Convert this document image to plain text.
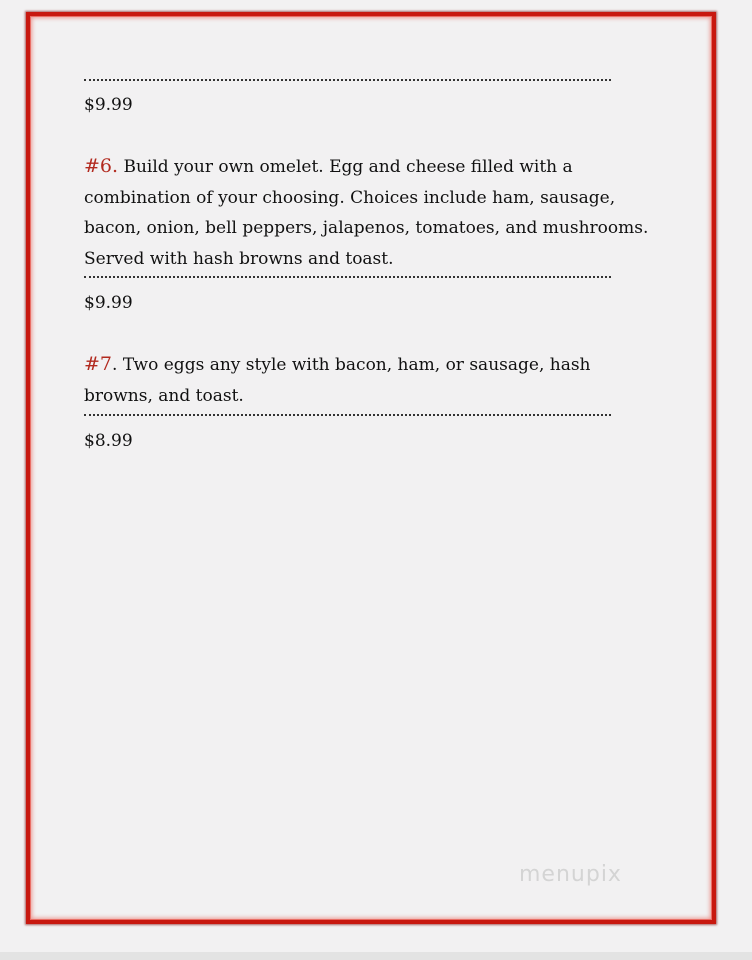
$9.99
#6. Build your own omelet. Egg and cheese filled with a combination of your choosing. Choices include ham, sausage, bacon, onion, bell peppers, jalapenos, tomatoes, and mushrooms. Served with hash browns and toast.
$9.99
#7. Two eggs any style with bacon, ham, or sausage, hash browns, and toast.
$8.99
menupix
